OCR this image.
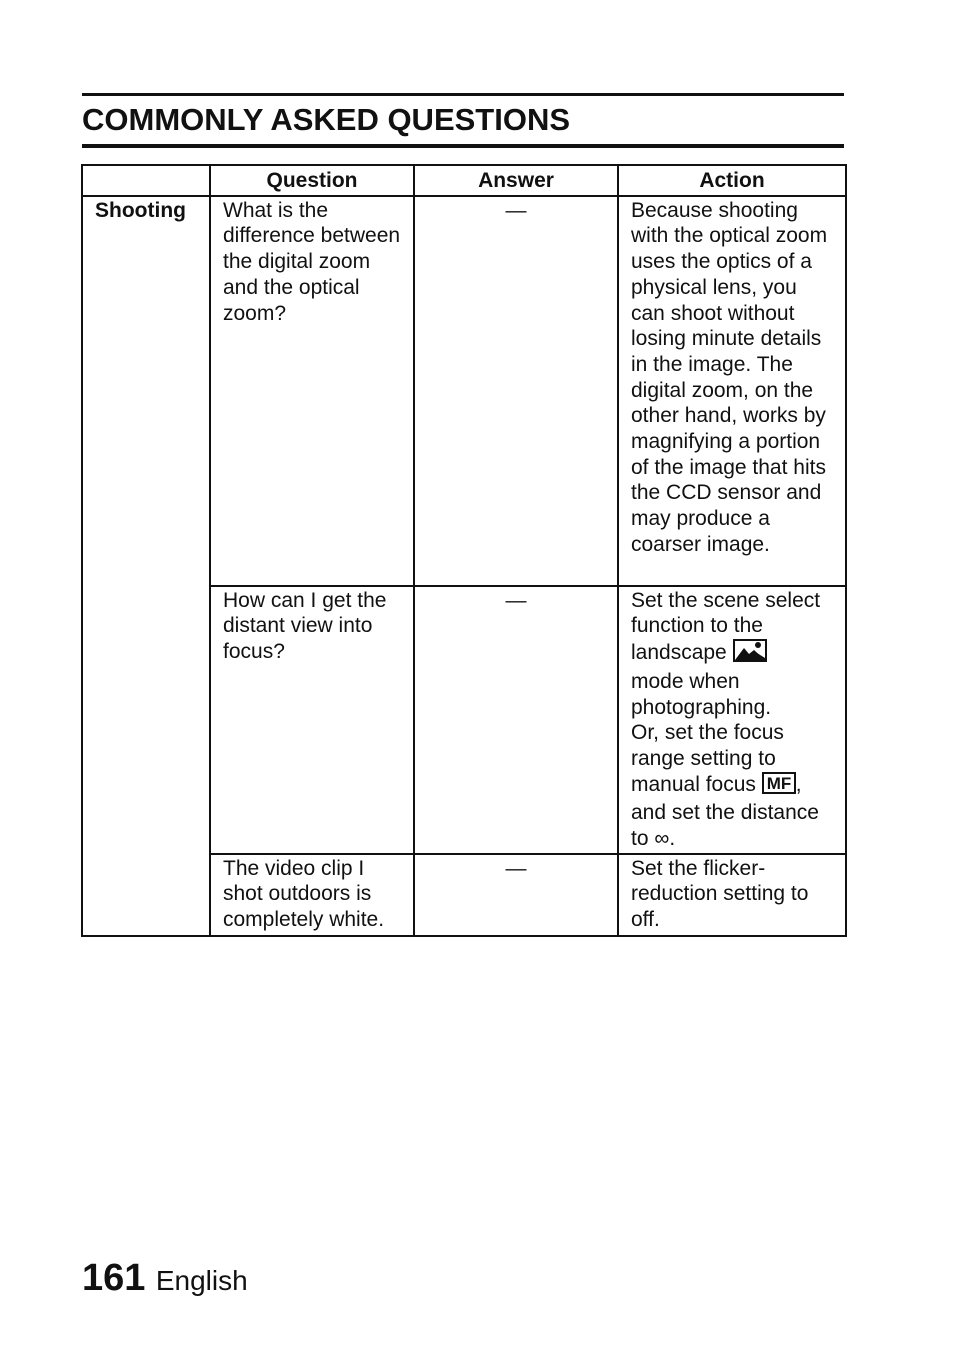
COMMONLY ASKED QUESTIONS
	Question	Answer	Action
Shooting	What is the difference between the digital zoom and the optical zoom?	—	Because shooting with the optical zoom uses the optics of a physical lens, you can shoot without losing minute details in the image. The digital zoom, on the other hand, works by magnifying a portion of the image that hits the CCD sensor and may produce a coarser image.
	How can I get the distant view into focus?	—	Set the scene select function to the landscape
mode when photographing.
Or, set the focus range setting to manual focus MF , and set the distance to ∞.
	The video clip I shot outdoors is completely white.	—	Set the flicker-reduction setting to off.
161 English
